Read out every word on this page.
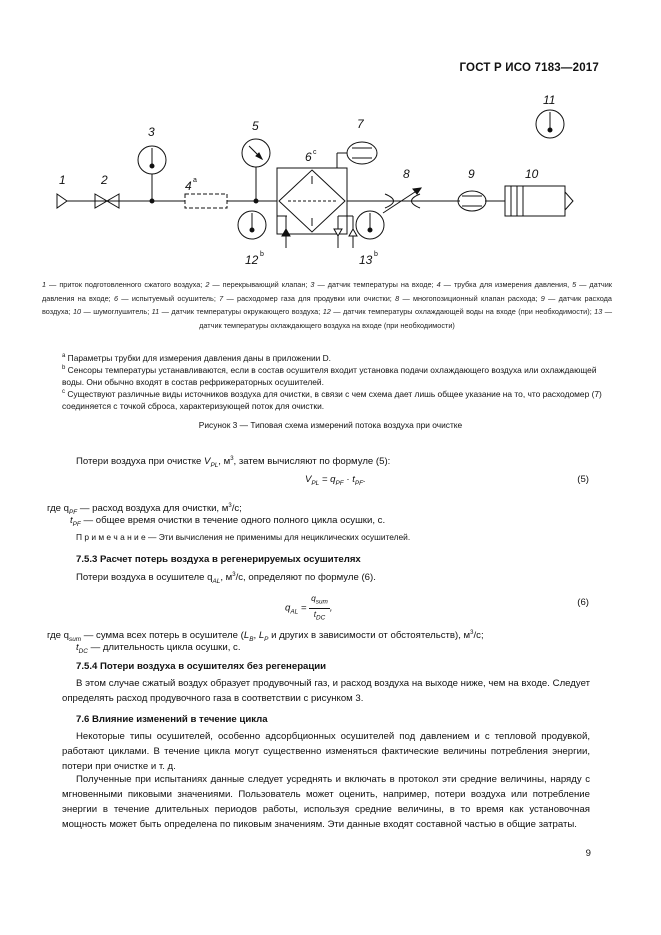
ГОСТ Р ИСО 7183—2017
1	2
3
4 a
5
6 c
7
8	9	10
11
12 b	13 b
1 — приток подготовленного сжатого воздуха; 2 — перекрывающий клапан; 3 — датчик температуры на входе; 4 — трубка для измерения давления, 5 — датчик давления на входе; 6 — испытуемый осушитель; 7 — расходомер газа для продувки или очистки; 8 — многопозиционный клапан расхода; 9 — датчик расхода воздуха; 10 — шумоглушитель; 11 — датчик температуры окружающего воздуха; 12 — датчик температуры охлаждающей воды на входе (при необходимости); 13 — датчик температуры охлаждающего воздуха на входе (при необходимости)
$^а$ Параметры трубки для измерения давления даны в приложении D.
$^b$ Сенсоры температуры устанавливаются, если в состав осушителя входит установка подачи охлаждающего воздуха или охлаждающей воды. Они обычно входят в состав рефрижераторных осушителей.
$^c$ Существуют различные виды источников воздуха для очистки, в связи с чем схема дает лишь общее указание на то, что расходомер (7) соединяется с точкой сброса, характеризующей поток для очистки.
Рисунок 3 — Типовая схема измерений потока воздуха при очистке
Потери воздуха при очистке $V_{PL}$, $м^3$, затем вычисляют по формуле (5):
$V_{PL} = q_{PF} \cdot t_{PF}$.	(5)
где $q_{PF}$ — расход воздуха для очистки, $м^3/с$;
$t_{PF}$ — общее время очистки в течение одного полного цикла осушки, с.
П р и м е ч а н и е — Эти вычисления не применимы для нециклических осушителей.
7.5.3 Расчет потерь воздуха в регенерируемых осушителях
Потери воздуха в осушителе $q_{AL}$, $м^3/с$, определяют по формуле (6).
$q_{AL} = \frac{q_{sum}}{t_{DC}}$ ,
(6)
где $q_{sum}$ — сумма всех потерь в осушителе ($L_B$, $L_P$ и других в зависимости от обстоятельств), $м^3/с$;
$t_{DC}$ — длительность цикла осушки, с.
7.5.4 Потери воздуха в осушителях без регенерации
В этом случае сжатый воздух образует продувочный газ, и расход воздуха на выходе ниже, чем на входе. Следует определять расход продувочного газа в соответствии с рисунком 3.
7.6 Влияние изменений в течение цикла
Некоторые типы осушителей, особенно адсорбционных осушителей под давлением и с тепловой продувкой, работают циклами. В течение цикла могут существенно изменяться фактические величины потребления энергии, потери при очистке и т. д.
Полученные при испытаниях данные следует усреднять и включать в протокол эти средние величины, наряду с мгновенными пиковыми значениями. Пользователь может оценить, например, потери воздуха или потребление энергии в течение длительных периодов работы, используя средние величины, в то время как установочная мощность может быть определена по пиковым значениям. Эти данные входят составной частью в общие затраты.
9
